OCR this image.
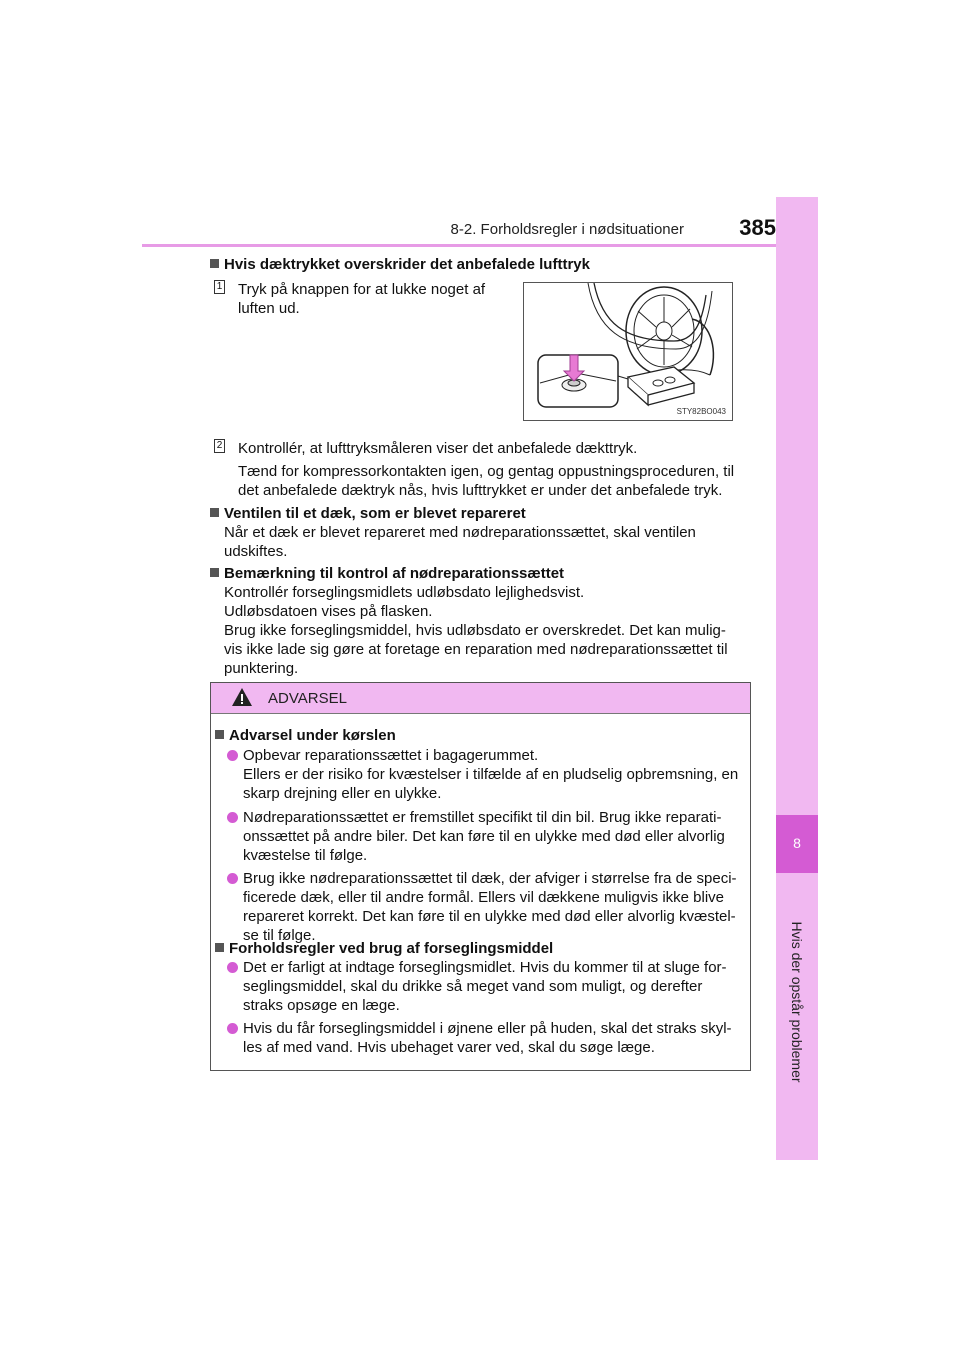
8-2. Forholdsregler i nødsituationer	385
8
Hvis der opstår problemer
Hvis dæktrykket overskrider det anbefalede lufttryk
1 Tryk på knappen for at lukke noget af
luften ud.
STY82BO043
2 Kontrollér, at lufttryksmåleren viser det anbefalede dækttryk.
Tænd for kompressorkontakten igen, og gentag oppustningsproceduren, til
det anbefalede dæktryk nås, hvis lufttrykket er under det anbefalede tryk.
Ventilen til et dæk, som er blevet repareret
Når et dæk er blevet repareret med nødreparationssættet, skal ventilen
udskiftes.
Bemærkning til kontrol af nødreparationssættet
Kontrollér forseglingsmidlets udløbsdato lejlighedsvist.
Udløbsdatoen vises på flasken.
Brug ikke forseglingsmiddel, hvis udløbsdato er overskredet. Det kan mulig-
vis ikke lade sig gøre at foretage en reparation med nødreparationssættet til
punktering.
ADVARSEL
Advarsel under kørslen
Opbevar reparationssættet i bagagerummet.
Ellers er der risiko for kvæstelser i tilfælde af en pludselig opbremsning, en
skarp drejning eller en ulykke.
Nødreparationssættet er fremstillet specifikt til din bil. Brug ikke reparati-
onssættet på andre biler. Det kan føre til en ulykke med død eller alvorlig
kvæstelse til følge.
Brug ikke nødreparationssættet til dæk, der afviger i størrelse fra de speci-
ficerede dæk, eller til andre formål. Ellers vil dækkene muligvis ikke blive
repareret korrekt. Det kan føre til en ulykke med død eller alvorlig kvæstel-
se til følge.
Forholdsregler ved brug af forseglingsmiddel
Det er farligt at indtage forseglingsmidlet. Hvis du kommer til at sluge for-
seglingsmiddel, skal du drikke så meget vand som muligt, og derefter
straks opsøge en læge.
Hvis du får forseglingsmiddel i øjnene eller på huden, skal det straks skyl-
les af med vand. Hvis ubehaget varer ved, skal du søge læge.
